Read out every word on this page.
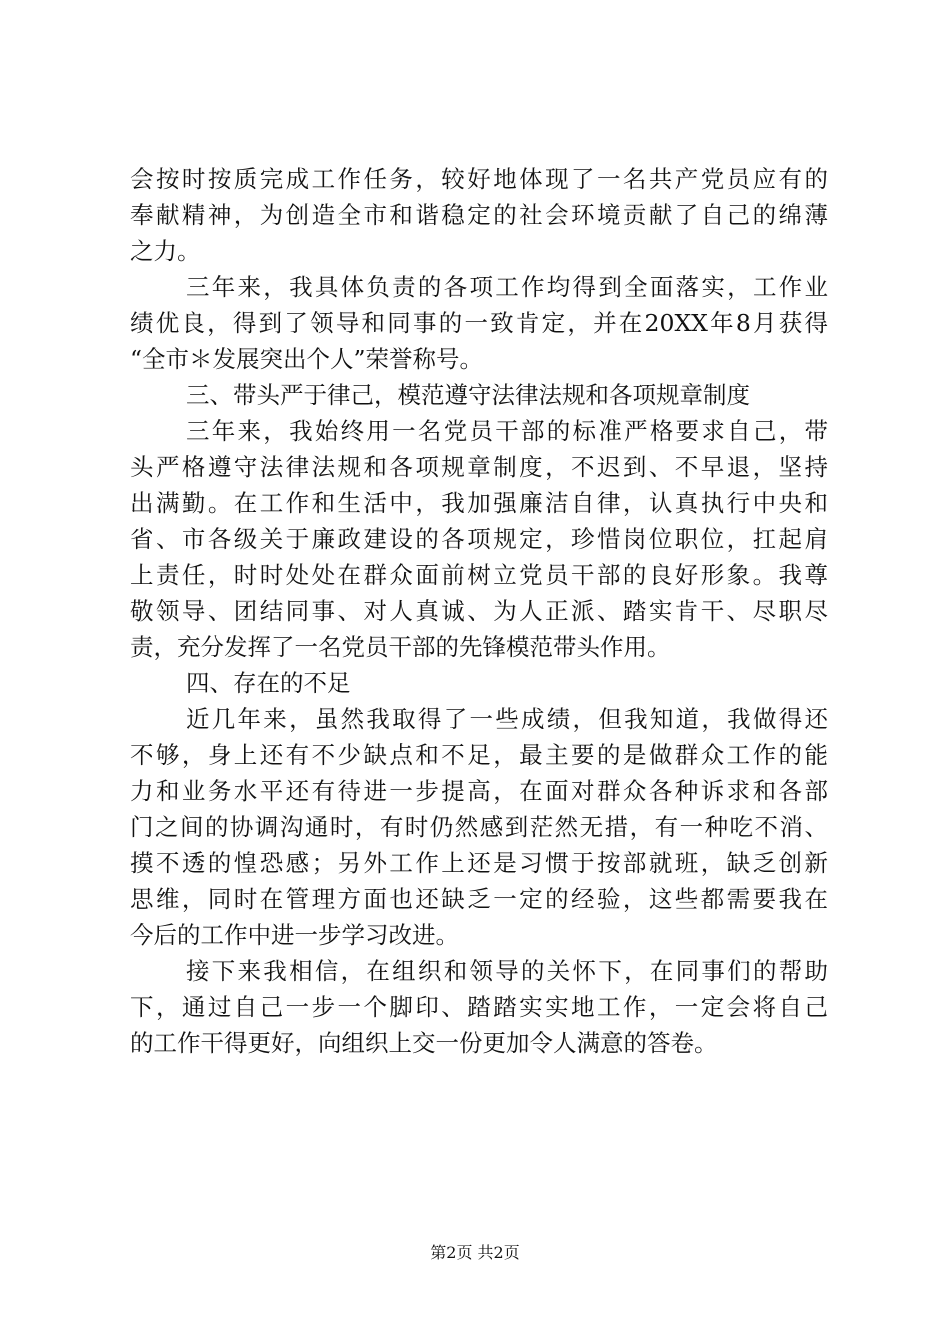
会按时按质完成工作任务，较好地体现了一名共产党员应有的
奉献精神，为创造全市和谐稳定的社会环境贡献了自己的绵薄
之力。
三年来，我具体负责的各项工作均得到全面落实，工作业
绩优良，得到了领导和同事的一致肯定，并在20XX年8月获得
“全市＊发展突出个人”荣誉称号。
三、带头严于律己，模范遵守法律法规和各项规章制度
三年来，我始终用一名党员干部的标准严格要求自己，带
头严格遵守法律法规和各项规章制度，不迟到、不早退，坚持
出满勤。在工作和生活中，我加强廉洁自律，认真执行中央和
省、市各级关于廉政建设的各项规定，珍惜岗位职位，扛起肩
上责任，时时处处在群众面前树立党员干部的良好形象。我尊
敬领导、团结同事、对人真诚、为人正派、踏实肯干、尽职尽
责，充分发挥了一名党员干部的先锋模范带头作用。
四、存在的不足
近几年来，虽然我取得了一些成绩，但我知道，我做得还
不够，身上还有不少缺点和不足，最主要的是做群众工作的能
力和业务水平还有待进一步提高，在面对群众各种诉求和各部
门之间的协调沟通时，有时仍然感到茫然无措，有一种吃不消、
摸不透的惶恐感；另外工作上还是习惯于按部就班，缺乏创新
思维，同时在管理方面也还缺乏一定的经验，这些都需要我在
今后的工作中进一步学习改进。
接下来我相信，在组织和领导的关怀下，在同事们的帮助
下，通过自己一步一个脚印、踏踏实实地工作，一定会将自己
的工作干得更好，向组织上交一份更加令人满意的答卷。
第2页 共2页
